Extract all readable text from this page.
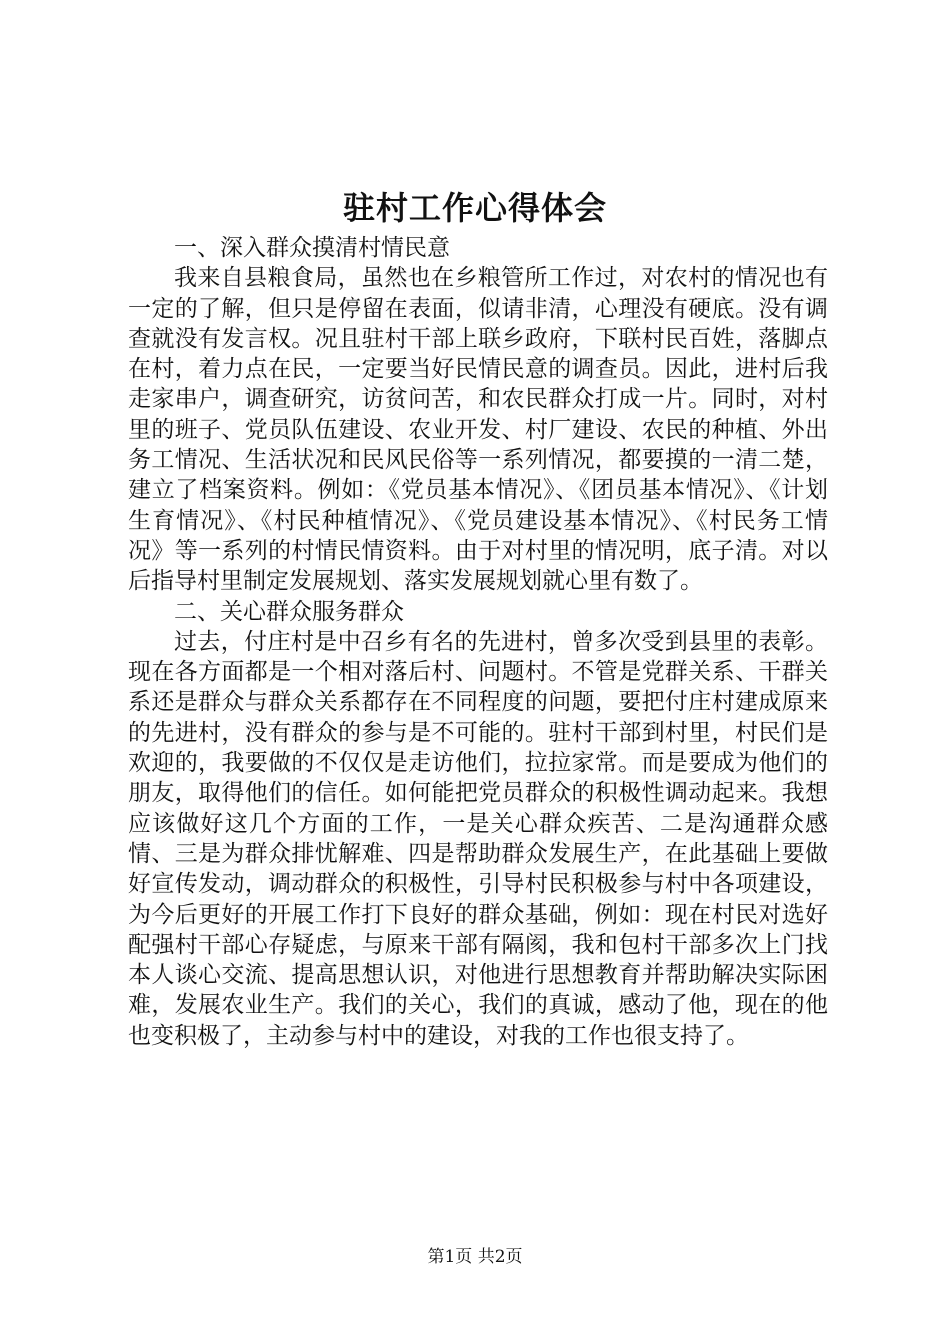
驻村工作心得体会

一、深入群众摸清村情民意

我来自县粮食局，虽然也在乡粮管所工作过，对农村的情况也有一定的了解，但只是停留在表面，似请非清，心理没有硬底。没有调查就没有发言权。况且驻村干部上联乡政府，下联村民百姓，落脚点在村，着力点在民，一定要当好民情民意的调查员。因此，进村后我走家串户，调查研究，访贫问苦，和农民群众打成一片。同时，对村里的班子、党员队伍建设、农业开发、村厂建设、农民的种植、外出务工情况、生活状况和民风民俗等一系列情况，都要摸的一清二楚，建立了档案资料。例如：《党员基本情况》、《团员基本情况》、《计划生育情况》、《村民种植情况》、《党员建设基本情况》、《村民务工情况》等一系列的村情民情资料。由于对村里的情况明，底子清。对以后指导村里制定发展规划、落实发展规划就心里有数了。

二、关心群众服务群众

过去，付庄村是中召乡有名的先进村，曾多次受到县里的表彰。现在各方面都是一个相对落后村、问题村。不管是党群关系、干群关系还是群众与群众关系都存在不同程度的问题，要把付庄村建成原来的先进村，没有群众的参与是不可能的。驻村干部到村里，村民们是欢迎的，我要做的不仅仅是走访他们，拉拉家常。而是要成为他们的朋友，取得他们的信任。如何能把党员群众的积极性调动起来。我想应该做好这几个方面的工作，一是关心群众疾苦、二是沟通群众感情、三是为群众排忧解难、四是帮助群众发展生产，在此基础上要做好宣传发动，调动群众的积极性，引导村民积极参与村中各项建设，为今后更好的开展工作打下良好的群众基础，例如：现在村民对选好配强村干部心存疑虑，与原来干部有隔阂，我和包村干部多次上门找本人谈心交流、提高思想认识，对他进行思想教育并帮助解决实际困难，发展农业生产。我们的关心，我们的真诚，感动了他，现在的他也变积极了，主动参与村中的建设，对我的工作也很支持了。

第1页 共2页
